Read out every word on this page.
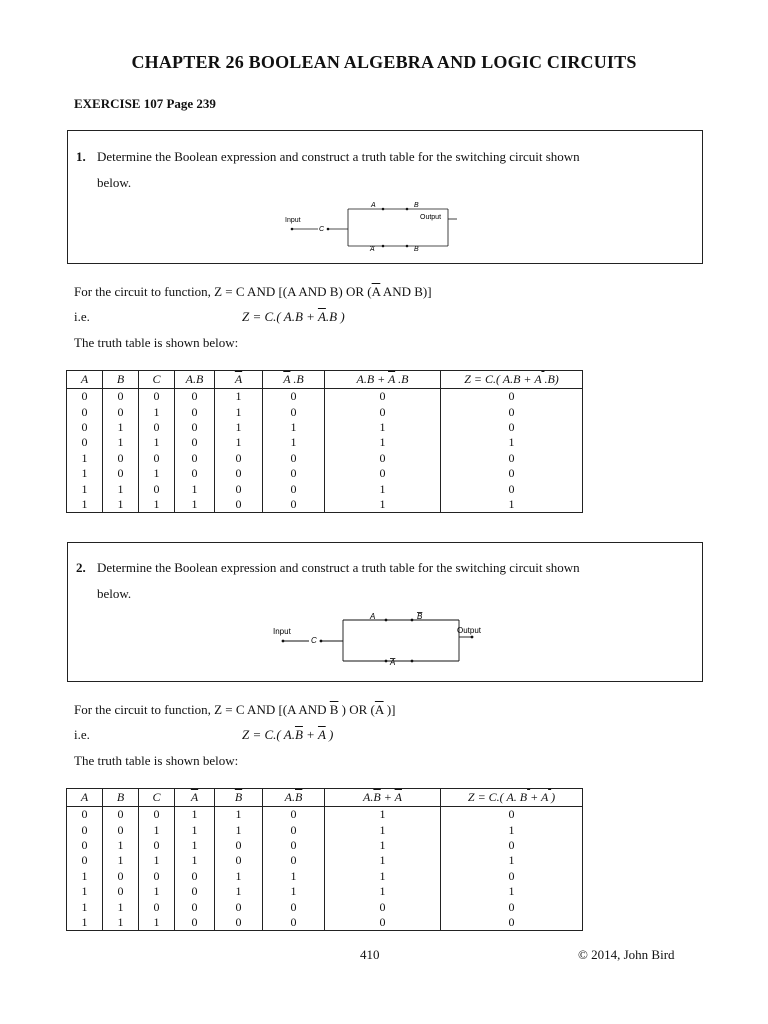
CHAPTER 26 BOOLEAN ALGEBRA AND LOGIC CIRCUITS
EXERCISE 107 Page 239
1. Determine the Boolean expression and construct a truth table for the switching circuit shown
below.
Input
C
A	B
A	B
Output
For the circuit to function, Z = C AND [(A AND B) OR ($\overline{A}$ AND B)]
i.e.	Z = C.( $A.B + \overline{A}.B$ )
The truth table is shown below:
A	B	C	A.B	$\overline{A}$	$\overline{A}$ .B	$A.B + \overline{A}$ .B	Z = C.( A.B + A .B)
0	0	0	0	1	0	0	0
0	0	1	0	1	0	0	0
0	1	0	0	1	1	1	0
0	1	1	0	1	1	1	1
1	0	0	0	0	0	0	0
1	0	1	0	0	0	0	0
1	1	0	1	0	0	1	0
1	1	1	1	0	0	1	1
2. Determine the Boolean expression and construct a truth table for the switching circuit shown
below.
Input
C
A	B
A
Output
For the circuit to function, Z = C AND [(A AND $\overline{B}$ ) OR ($\overline{A}$ )]
i.e.	Z = C.( $A.\overline{B} + \overline{A}$ )
The truth table is shown below:
A	B	C	$\overline{A}$	$\overline{B}$	$A.\overline{B}$	$A.\overline{B} + \overline{A}$	Z = C.( A. B + A )
0	0	0	1	1	0	1	0
0	0	1	1	1	0	1	1
0	1	0	1	0	0	1	0
0	1	1	1	0	0	1	1
1	0	0	0	1	1	1	0
1	0	1	0	1	1	1	1
1	1	0	0	0	0	0	0
1	1	1	0	0	0	0	0
410	© 2014, John Bird
